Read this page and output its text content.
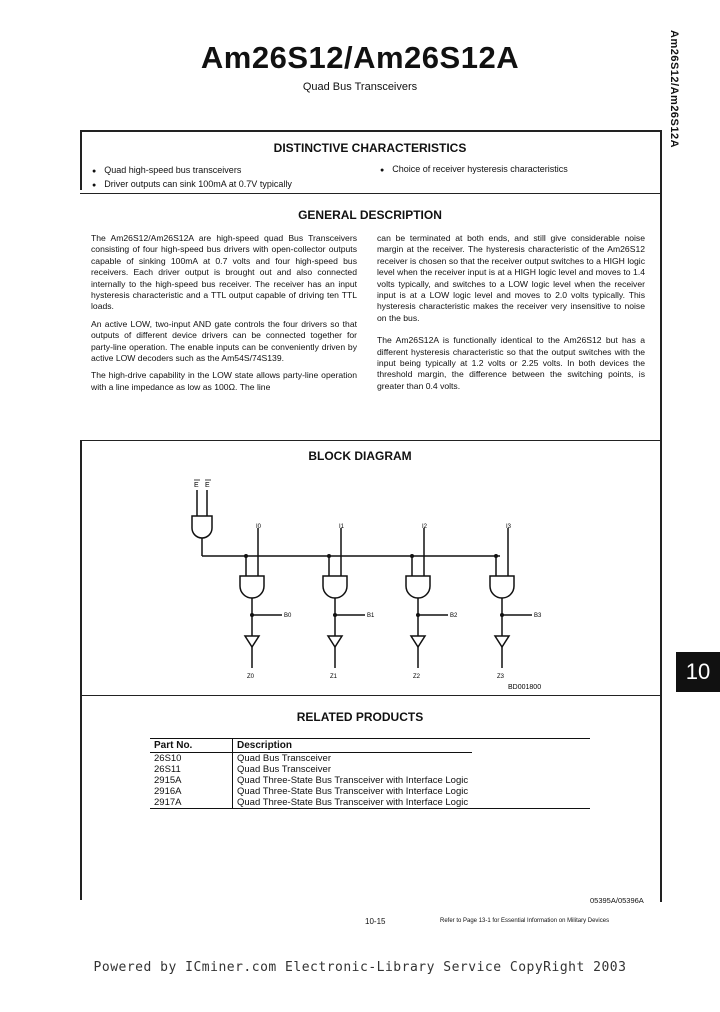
Am26S12/Am26S12A
Quad Bus Transceivers	Am26S12/Am26S12A
10
DISTINCTIVE CHARACTERISTICS
● Quad high-speed bus transceivers
● Driver outputs can sink 100mA at 0.7V typically
● Choice of receiver hysteresis characteristics
GENERAL DESCRIPTION

The Am26S12/Am26S12A are high-speed quad Bus Transceivers consisting of four high-speed bus drivers with open-collector outputs capable of sinking 100mA at 0.7 volts and four high-speed bus receivers. Each driver output is brought out and also connected internally to the high-speed bus receiver. The receiver has an input hysteresis characteristic and a TTL output capable of driving ten TTL loads.

An active LOW, two-input AND gate controls the four drivers so that outputs of different device drivers can be connected together for party-line operation. The enable inputs can be conveniently driven by active LOW decoders such as the Am54S/74S139.

The high-drive capability in the LOW state allows party-line operation with a line impedance as low as 100Ω. The line

can be terminated at both ends, and still give considerable noise margin at the receiver. The hysteresis characteristic of the Am26S12 receiver is chosen so that the receiver output switches to a HIGH logic level when the receiver input is at a HIGH logic level and moves to 1.4 volts typically, and switches to a LOW logic level when the receiver input is at a LOW logic level and moves to 2.0 volts typically. This hysteresis characteristic makes the receiver very insensitive to noise on the bus.

The Am26S12A is functionally identical to the Am26S12 but has a different hysteresis characteristic so that the output switches with the input being typically at 1.2 volts or 2.25 volts. In both devices the threshold margin, the difference between the switching points, is greater than 0.4 volts.

BLOCK DIAGRAM
E E
I0
B0
Z0
I1
B1
Z1
I2
B2
Z2
I3
B3
Z3
BD001800
RELATED PRODUCTS
Part No.	Description
26S10	Quad Bus Transceiver
26S11	Quad Bus Transceiver
2915A	Quad Three-State Bus Transceiver with Interface Logic
2916A	Quad Three-State Bus Transceiver with Interface Logic
2917A	Quad Three-State Bus Transceiver with Interface Logic
05395A/05396A
10-15	Refer to Page 13-1 for Essential Information on Military Devices
Powered by ICminer.com Electronic-Library Service CopyRight 2003
